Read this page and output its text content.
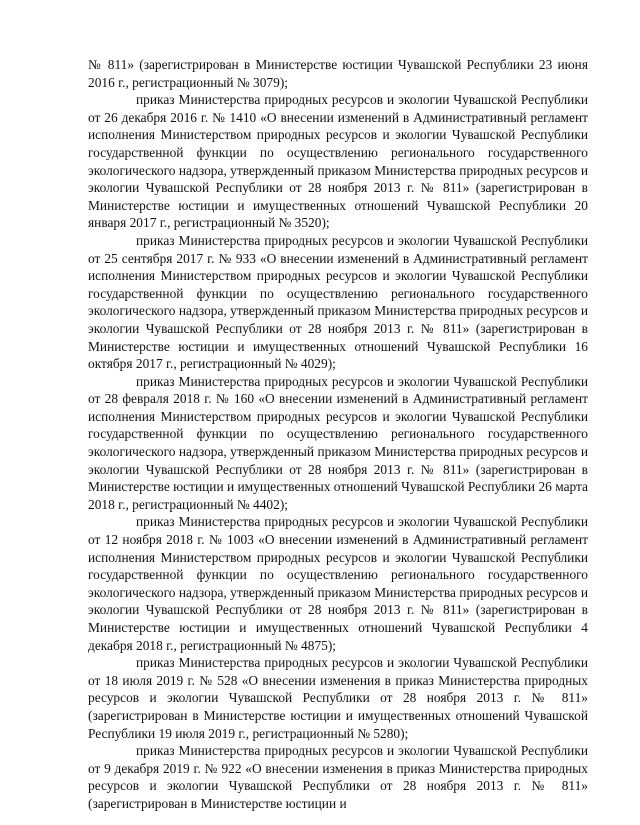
№ 811» (зарегистрирован в Министерстве юстиции Чувашской Республики 23 июня 2016 г., регистрационный № 3079);

приказ Министерства природных ресурсов и экологии Чувашской Республики от 26 декабря 2016 г. № 1410 «О внесении изменений в Административный регламент исполнения Министерством природных ресурсов и экологии Чувашской Республики государственной функции по осуществлению регионального государственного экологического надзора, утвержденный приказом Министерства природных ресурсов и экологии Чувашской Республики от 28 ноября 2013 г. № 811» (зарегистрирован в Министерстве юстиции и имущественных отношений Чувашской Республики 20 января 2017 г., регистрационный № 3520);

приказ Министерства природных ресурсов и экологии Чувашской Республики от 25 сентября 2017 г. № 933 «О внесении изменений в Административный регламент исполнения Министерством природных ресурсов и экологии Чувашской Республики государственной функции по осуществлению регионального государственного экологического надзора, утвержденный приказом Министерства природных ресурсов и экологии Чувашской Республики от 28 ноября 2013 г. № 811» (зарегистрирован в Министерстве юстиции и имущественных отношений Чувашской Республики 16 октября 2017 г., регистрационный № 4029);

приказ Министерства природных ресурсов и экологии Чувашской Республики от 28 февраля 2018 г. № 160 «О внесении изменений в Административный регламент исполнения Министерством природных ресурсов и экологии Чувашской Республики государственной функции по осуществлению регионального государственного экологического надзора, утвержденный приказом Министерства природных ресурсов и экологии Чувашской Республики от 28 ноября 2013 г. № 811» (зарегистрирован в Министерстве юстиции и имущественных отношений Чувашской Республики 26 марта 2018 г., регистрационный № 4402);

приказ Министерства природных ресурсов и экологии Чувашской Республики от 12 ноября 2018 г. № 1003 «О внесении изменений в Административный регламент исполнения Министерством природных ресурсов и экологии Чувашской Республики государственной функции по осуществлению регионального государственного экологического надзора, утвержденный приказом Министерства природных ресурсов и экологии Чувашской Республики от 28 ноября 2013 г. № 811» (зарегистрирован в Министерстве юстиции и имущественных отношений Чувашской Республики 4 декабря 2018 г., регистрационный № 4875);

приказ Министерства природных ресурсов и экологии Чувашской Республики от 18 июля 2019 г. № 528 «О внесении изменения в приказ Министерства природных ресурсов и экологии Чувашской Республики от 28 ноября 2013 г. № 811» (зарегистрирован в Министерстве юстиции и имущественных отношений Чувашской Республики 19 июля 2019 г., регистрационный № 5280);

приказ Министерства природных ресурсов и экологии Чувашской Республики от 9 декабря 2019 г. № 922 «О внесении изменения в приказ Министерства природных ресурсов и экологии Чувашской Республики от 28 ноября 2013 г. № 811» (зарегистрирован в Министерстве юстиции и
